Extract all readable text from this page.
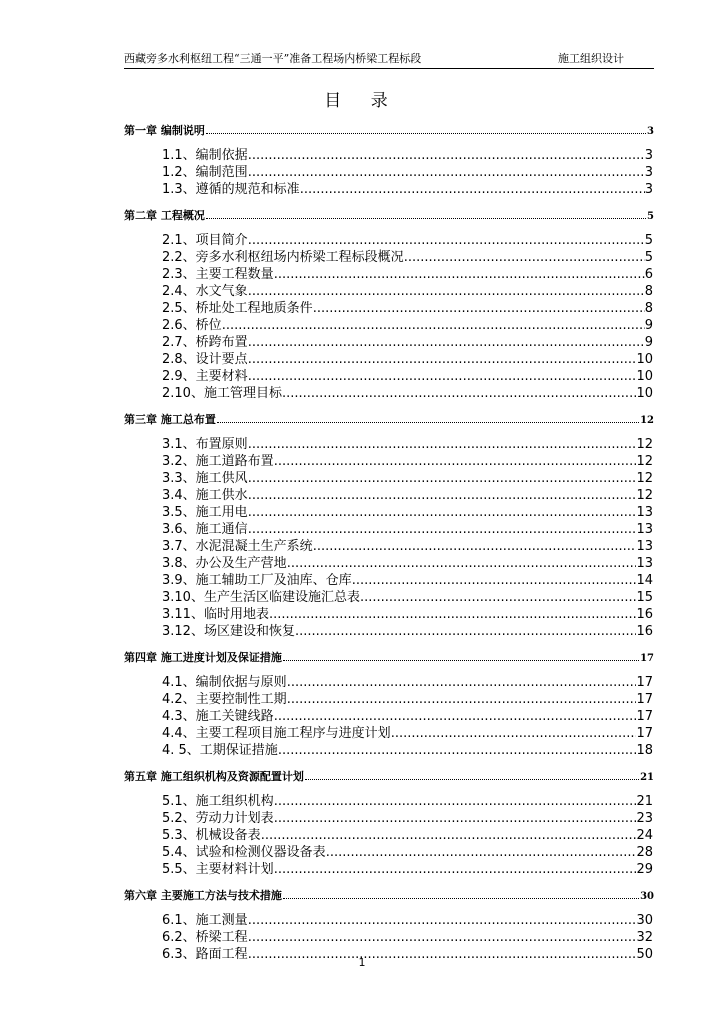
西藏旁多水利枢纽工程“三通一平”准备工程场内桥梁工程标段	施工组织设计
目 录
第一章 编制说明	3
1.1、编制依据 .....	3
1.2、编制范围 .....	3
1.3、遵循的规范和标准 .....	3
第二章 工程概况	5
2.1、项目简介 .....	5
2.2、旁多水利枢纽场内桥梁工程标段概况 .....	5
2.3、主要工程数量 .....	6
2.4、水文气象 .....	8
2.5、桥址处工程地质条件 .....	8
2.6、桥位 .....	9
2.7、桥跨布置 .....	9
2.8、设计要点 .....	10
2.9、主要材料 .....	10
2.10、施工管理目标 .....	10
第三章 施工总布置	12
3.1、布置原则 .....	12
3.2、施工道路布置 .....	12
3.3、施工供风 .....	12
3.4、施工供水 .....	12
3.5、施工用电 .....	13
3.6、施工通信 .....	13
3.7、水泥混凝土生产系统 .....	13
3.8、办公及生产营地 .....	13
3.9、施工辅助工厂及油库、仓库 .....	14
3.10、生产生活区临建设施汇总表 .....	15
3.11、临时用地表 .....	16
3.12、场区建设和恢复 .....	16
第四章 施工进度计划及保证措施	17
4.1、编制依据与原则 .....	17
4.2、主要控制性工期 .....	17
4.3、施工关键线路 .....	17
4.4、主要工程项目施工程序与进度计划 .....	17
4. 5、工期保证措施 .....	18
第五章 施工组织机构及资源配置计划	21
5.1、施工组织机构 .....	21
5.2、劳动力计划表 .....	23
5.3、机械设备表 .....	24
5.4、试验和检测仪器设备表 .....	28
5.5、主要材料计划 .....	29
第六章 主要施工方法与技术措施	30
6.1、施工测量 .....	30
6.2、桥梁工程 .....	32
6.3、路面工程 .....	50
1
